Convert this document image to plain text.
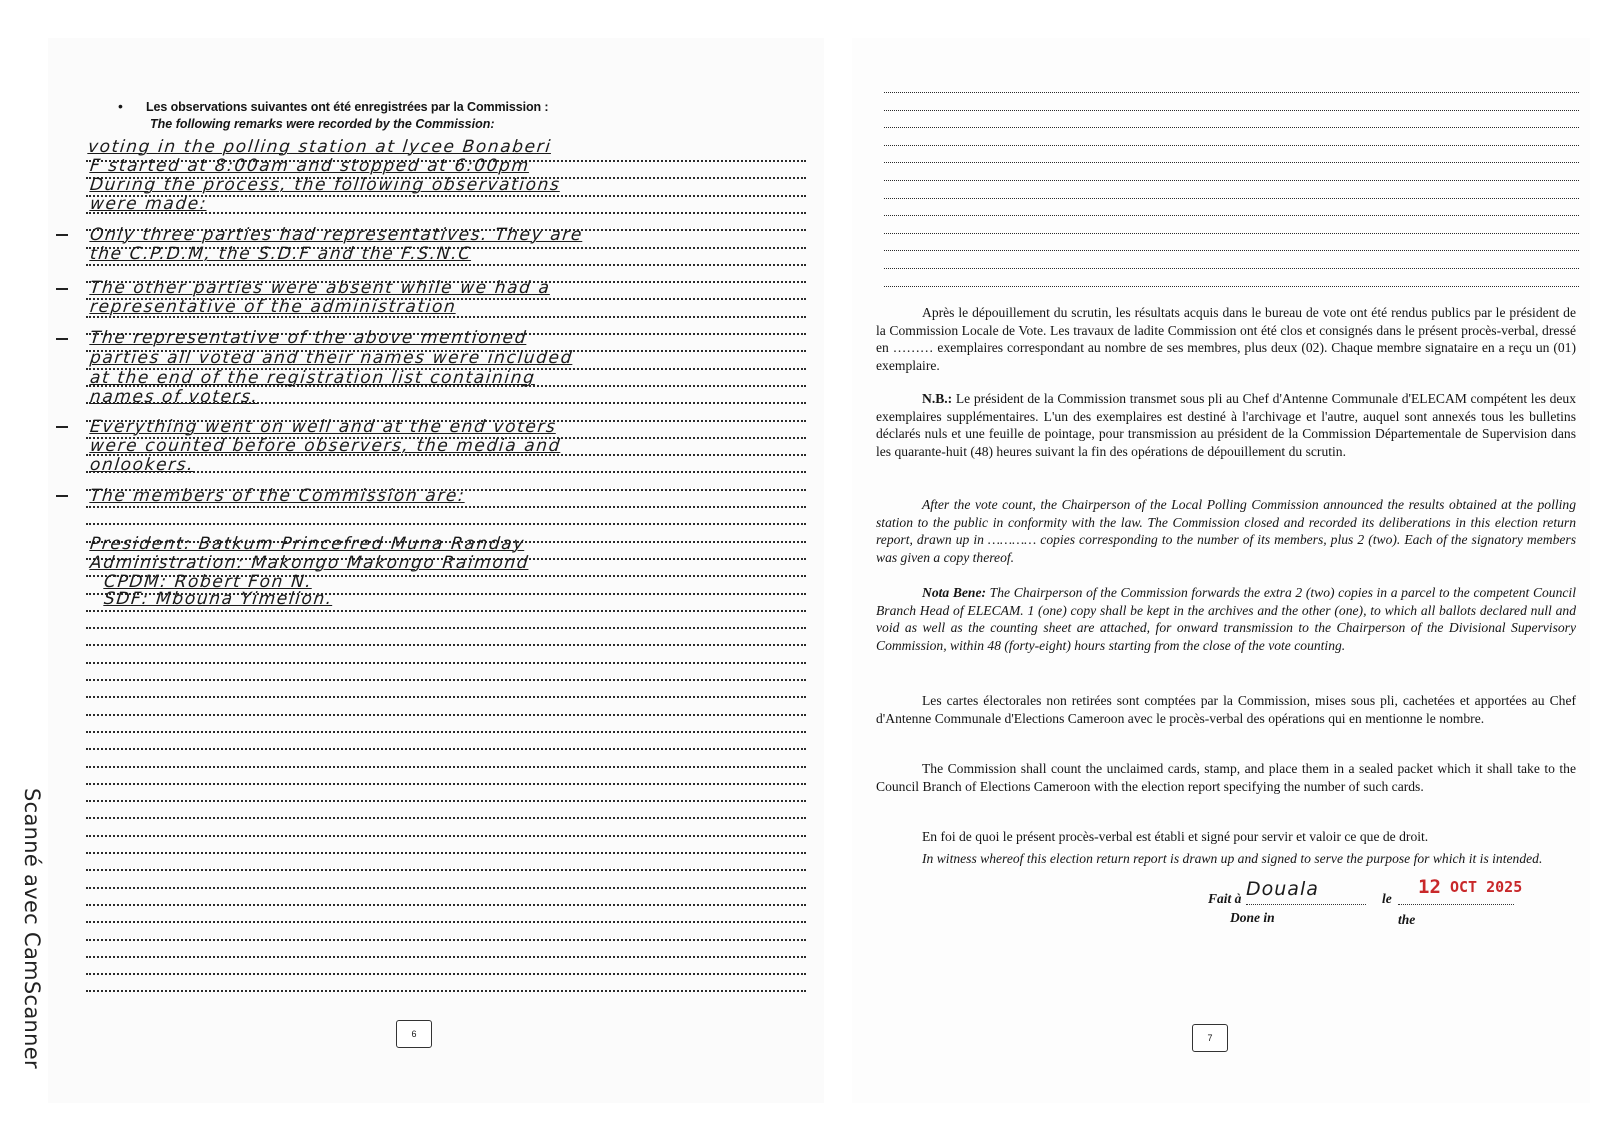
• Les observations suivantes ont été enregistrées par la Commission :

The following remarks were recorded by the Commission:

voting in the polling station at lycee Bonaberi

F started at 8:00am and stopped at 6:00pm

During the process, the following observations

were made:

Only three parties had representatives. They are

the C.P.D.M, the S.D.F and the F.S.N.C

The other parties were absent while we had a

representative of the administration

The representative of the above mentioned

parties all voted and their names were included

at the end of the registration list containing

names of voters.

Everything went on well and at the end voters

were counted before observers, the media and

onlookers.

The members of the Commission are:

President: Batkum Princefred Muna Randay

Administration: Makongo Makongo Raimond

CPDM: Robert Fon N.

SDF: Mbouna Yimelion.

6

Après le dépouillement du scrutin, les résultats acquis dans le bureau de vote ont été rendus publics par le président de la Commission Locale de Vote. Les travaux de ladite Commission ont été clos et consignés dans le présent procès-verbal, dressé en ……… exemplaires correspondant au nombre de ses membres, plus deux (02). Chaque membre signataire en a reçu un (01) exemplaire.

N.B.: Le président de la Commission transmet sous pli au Chef d'Antenne Communale d'ELECAM compétent les deux exemplaires supplémentaires. L'un des exemplaires est destiné à l'archivage et l'autre, auquel sont annexés tous les bulletins déclarés nuls et une feuille de pointage, pour transmission au président de la Commission Départementale de Supervision dans les quarante-huit (48) heures suivant la fin des opérations de dépouillement du scrutin.

After the vote count, the Chairperson of the Local Polling Commission announced the results obtained at the polling station to the public in conformity with the law. The Commission closed and recorded its deliberations in this election return report, drawn up in ………… copies corresponding to the number of its members, plus 2 (two). Each of the signatory members was given a copy thereof.

Nota Bene: The Chairperson of the Commission forwards the extra 2 (two) copies in a parcel to the competent Council Branch Head of ELECAM. 1 (one) copy shall be kept in the archives and the other (one), to which all ballots declared null and void as well as the counting sheet are attached, for onward transmission to the Chairperson of the Divisional Supervisory Commission, within 48 (forty-eight) hours starting from the close of the vote counting.

Les cartes électorales non retirées sont comptées par la Commission, mises sous pli, cachetées et apportées au Chef d'Antenne Communale d'Elections Cameroon avec le procès-verbal des opérations qui en mentionne le nombre.

The Commission shall count the unclaimed cards, stamp, and place them in a sealed packet which it shall take to the Council Branch of Elections Cameroon with the election report specifying the number of such cards.

En foi de quoi le présent procès-verbal est établi et signé pour servir et valoir ce que de droit.

In witness whereof this election return report is drawn up and signed to serve the purpose for which it is intended.

Fait à Douala	le

12 OCT 2025

Done in	the

7

Scanné avec CamScanner
